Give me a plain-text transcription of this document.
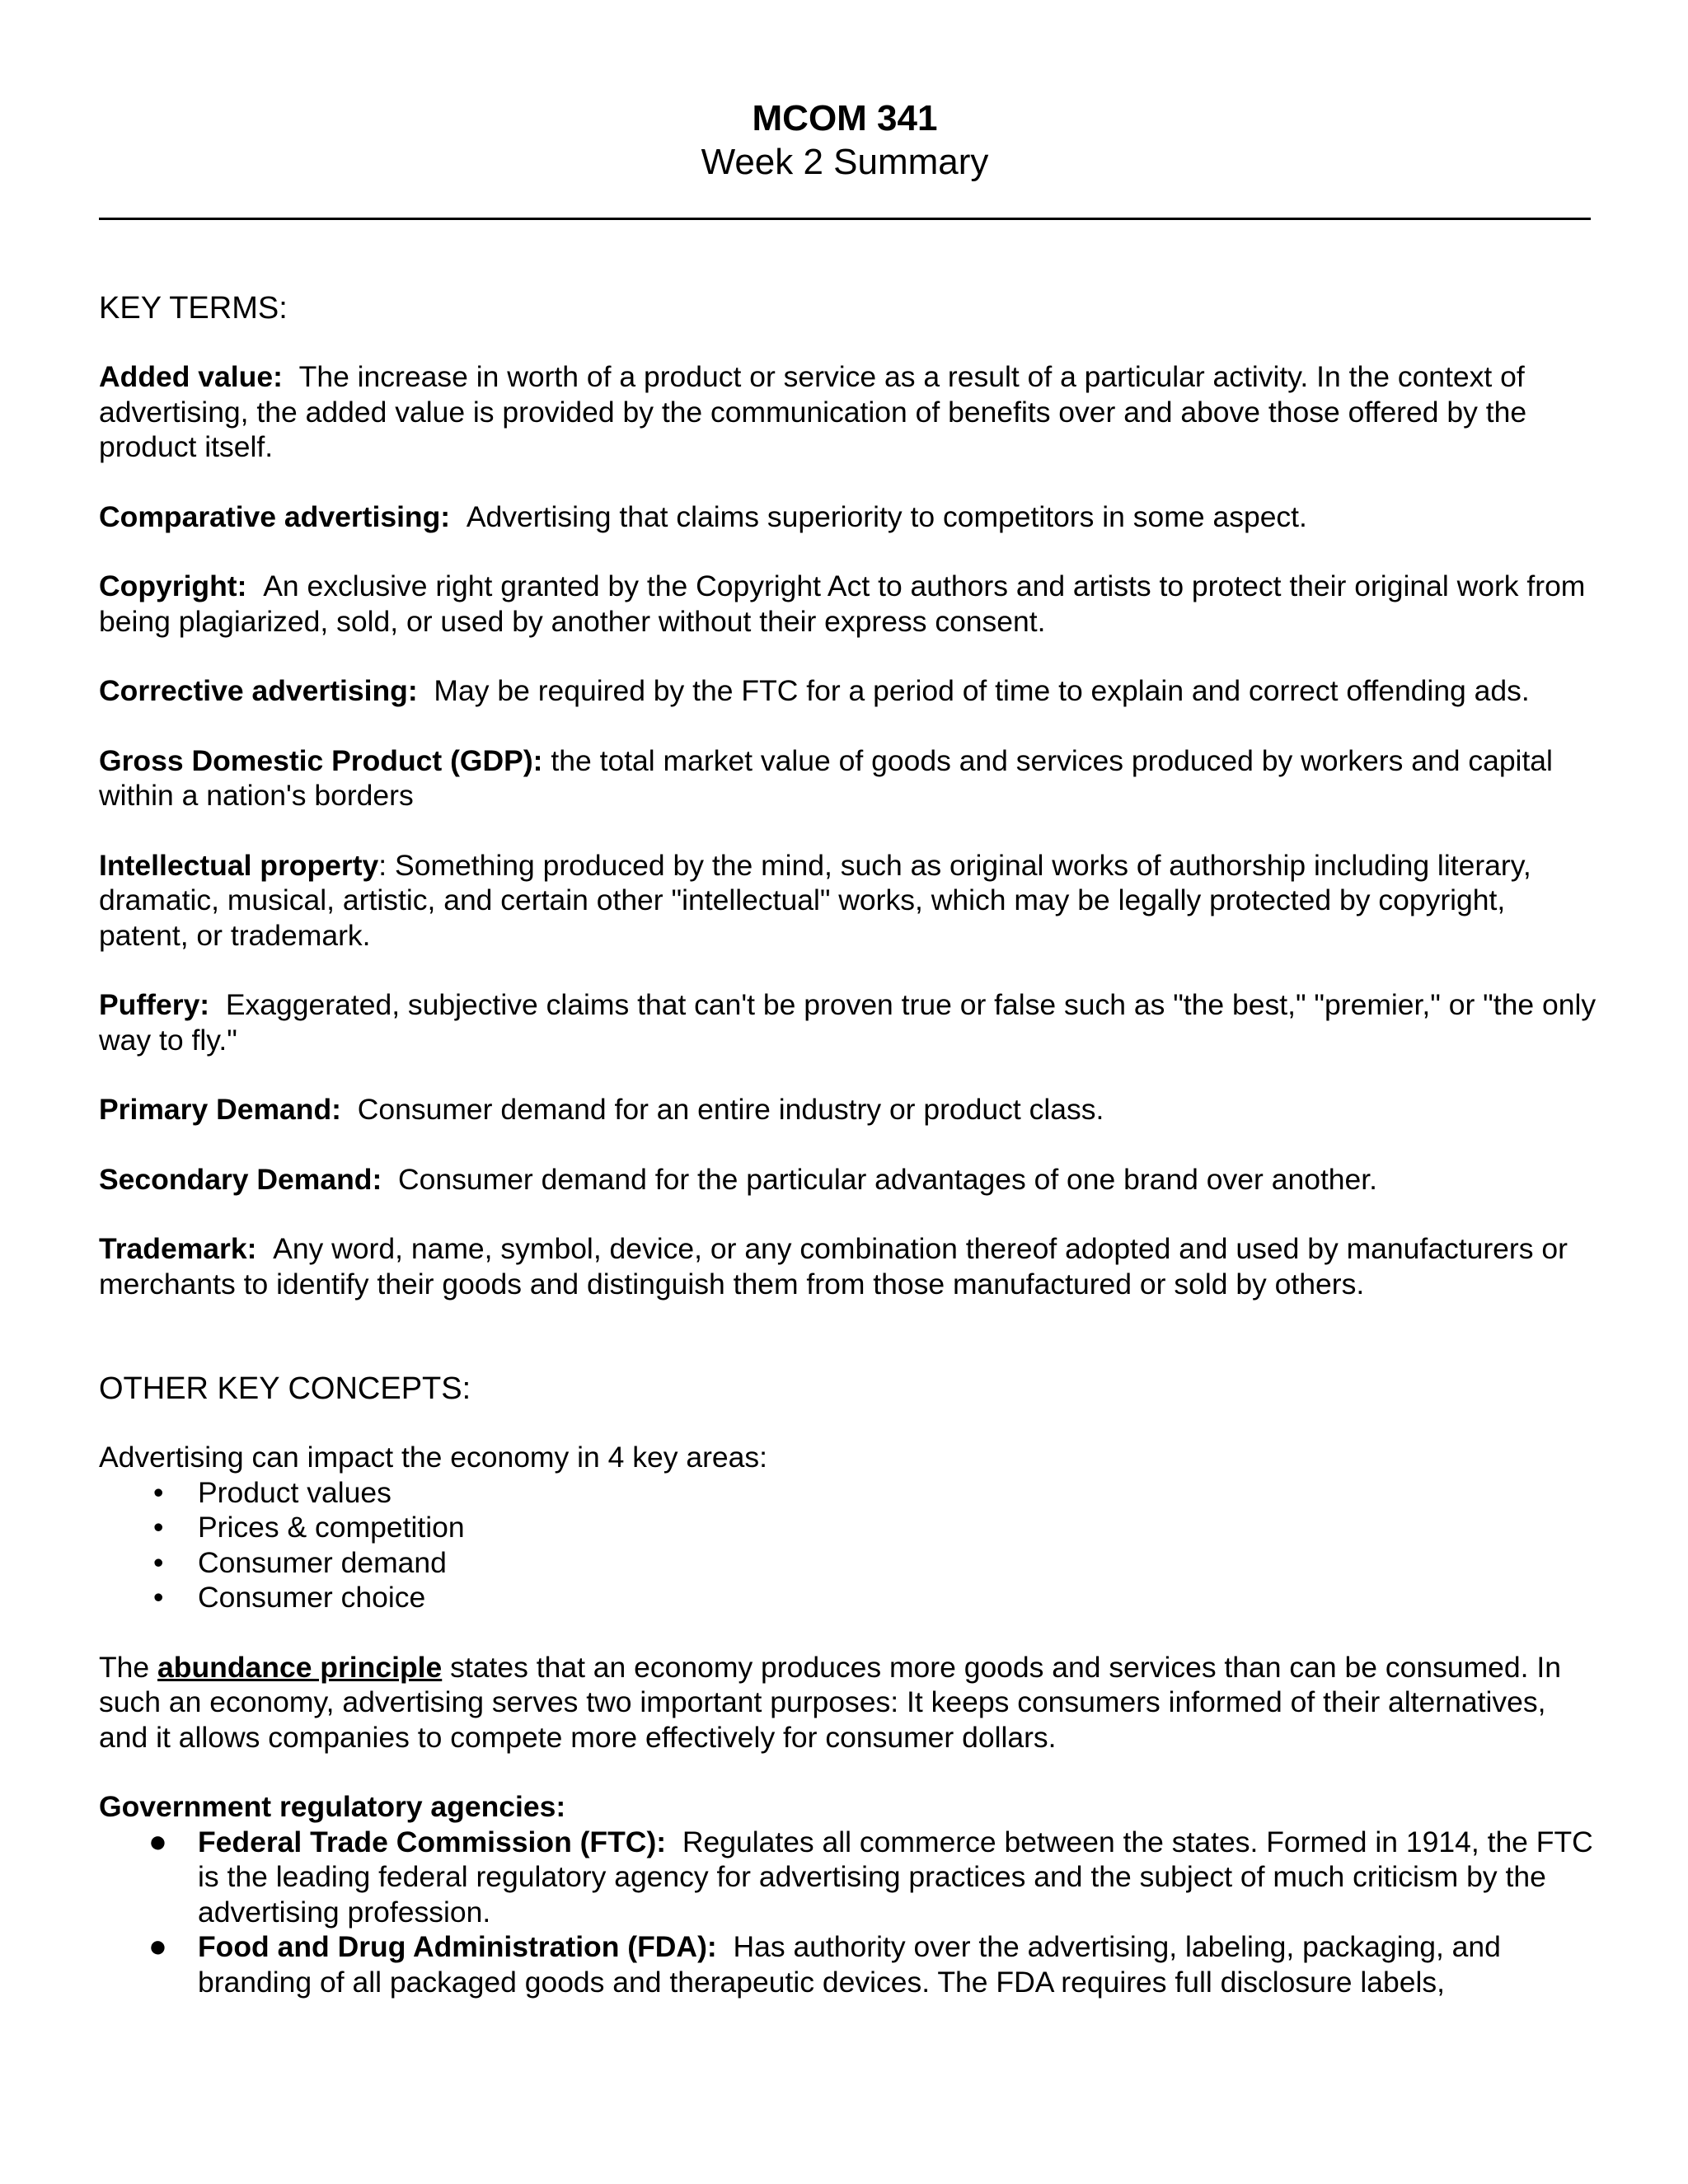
MCOM 341
Week 2 Summary
KEY TERMS:
Added value: The increase in worth of a product or service as a result of a particular activity. In the context of advertising, the added value is provided by the communication of benefits over and above those offered by the product itself.
Comparative advertising: Advertising that claims superiority to competitors in some aspect.
Copyright: An exclusive right granted by the Copyright Act to authors and artists to protect their original work from being plagiarized, sold, or used by another without their express consent.
Corrective advertising: May be required by the FTC for a period of time to explain and correct offending ads.
Gross Domestic Product (GDP): the total market value of goods and services produced by workers and capital within a nation's borders
Intellectual property: Something produced by the mind, such as original works of authorship including literary, dramatic, musical, artistic, and certain other "intellectual" works, which may be legally protected by copyright, patent, or trademark.
Puffery: Exaggerated, subjective claims that can't be proven true or false such as "the best," "premier," or "the only way to fly."
Primary Demand: Consumer demand for an entire industry or product class.
Secondary Demand: Consumer demand for the particular advantages of one brand over another.
Trademark: Any word, name, symbol, device, or any combination thereof adopted and used by manufacturers or merchants to identify their goods and distinguish them from those manufactured or sold by others.
OTHER KEY CONCEPTS:
Advertising can impact the economy in 4 key areas:
• Product values
• Prices & competition
• Consumer demand
• Consumer choice
The abundance principle states that an economy produces more goods and services than can be consumed. In such an economy, advertising serves two important purposes: It keeps consumers informed of their alternatives, and it allows companies to compete more effectively for consumer dollars.
Government regulatory agencies:
● Federal Trade Commission (FTC): Regulates all commerce between the states. Formed in 1914, the FTC is the leading federal regulatory agency for advertising practices and the subject of much criticism by the advertising profession.
● Food and Drug Administration (FDA): Has authority over the advertising, labeling, packaging, and branding of all packaged goods and therapeutic devices. The FDA requires full disclosure labels,
